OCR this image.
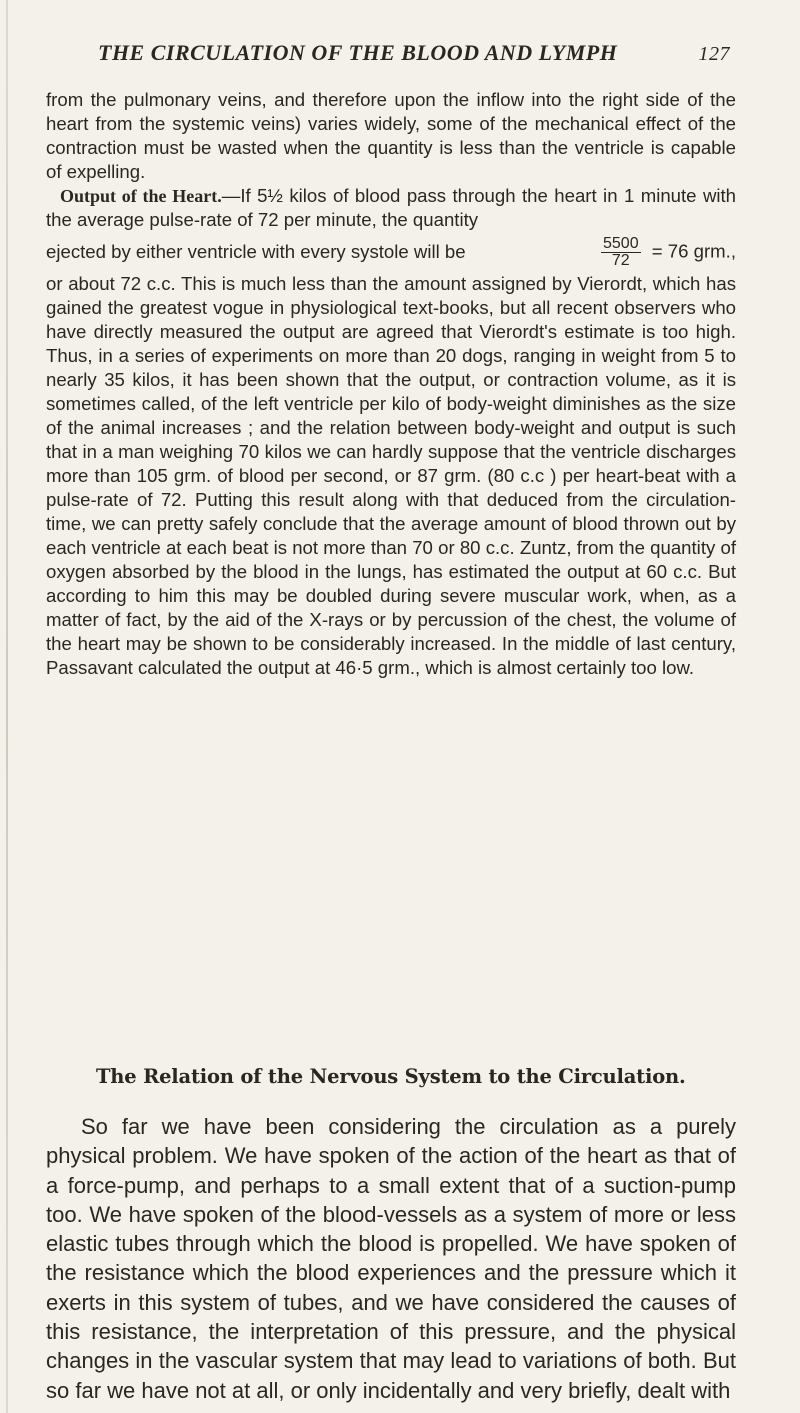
THE CIRCULATION OF THE BLOOD AND LYMPH	127

from the pulmonary veins, and therefore upon the inflow into the right side of the heart from the systemic veins) varies widely, some of the mechanical effect of the contraction must be wasted when the quantity is less than the ventricle is capable of expelling.

Output of the Heart.—If 5½ kilos of blood pass through the heart in 1 minute with the average pulse-rate of 72 per minute, the quantity

ejected by either ventricle with every systole will be	$\frac{5500}{72} = 76$ grm.,

or about 72 c.c. This is much less than the amount assigned by Vierordt, which has gained the greatest vogue in physiological text-books, but all recent observers who have directly measured the output are agreed that Vierordt's estimate is too high. Thus, in a series of experiments on more than 20 dogs, ranging in weight from 5 to nearly 35 kilos, it has been shown that the output, or contraction volume, as it is sometimes called, of the left ventricle per kilo of body-weight diminishes as the size of the animal increases ; and the relation between body-weight and output is such that in a man weighing 70 kilos we can hardly suppose that the ventricle discharges more than 105 grm. of blood per second, or 87 grm. (80 c.c ) per heart-beat with a pulse-rate of 72. Putting this result along with that deduced from the circulation-time, we can pretty safely conclude that the average amount of blood thrown out by each ventricle at each beat is not more than 70 or 80 c.c. Zuntz, from the quantity of oxygen absorbed by the blood in the lungs, has estimated the output at 60 c.c. But according to him this may be doubled during severe muscular work, when, as a matter of fact, by the aid of the X-rays or by percussion of the chest, the volume of the heart may be shown to be considerably increased. In the middle of last century, Passavant calculated the output at 46·5 grm., which is almost certainly too low.

The Relation of the Nervous System to the Circulation.

So far we have been considering the circulation as a purely physical problem. We have spoken of the action of the heart as that of a force-pump, and perhaps to a small extent that of a suction-pump too. We have spoken of the blood-vessels as a system of more or less elastic tubes through which the blood is propelled. We have spoken of the resistance which the blood experiences and the pressure which it exerts in this system of tubes, and we have considered the causes of this resistance, the interpretation of this pressure, and the physical changes in the vascular system that may lead to variations of both. But so far we have not at all, or only incidentally and very briefly, dealt with
